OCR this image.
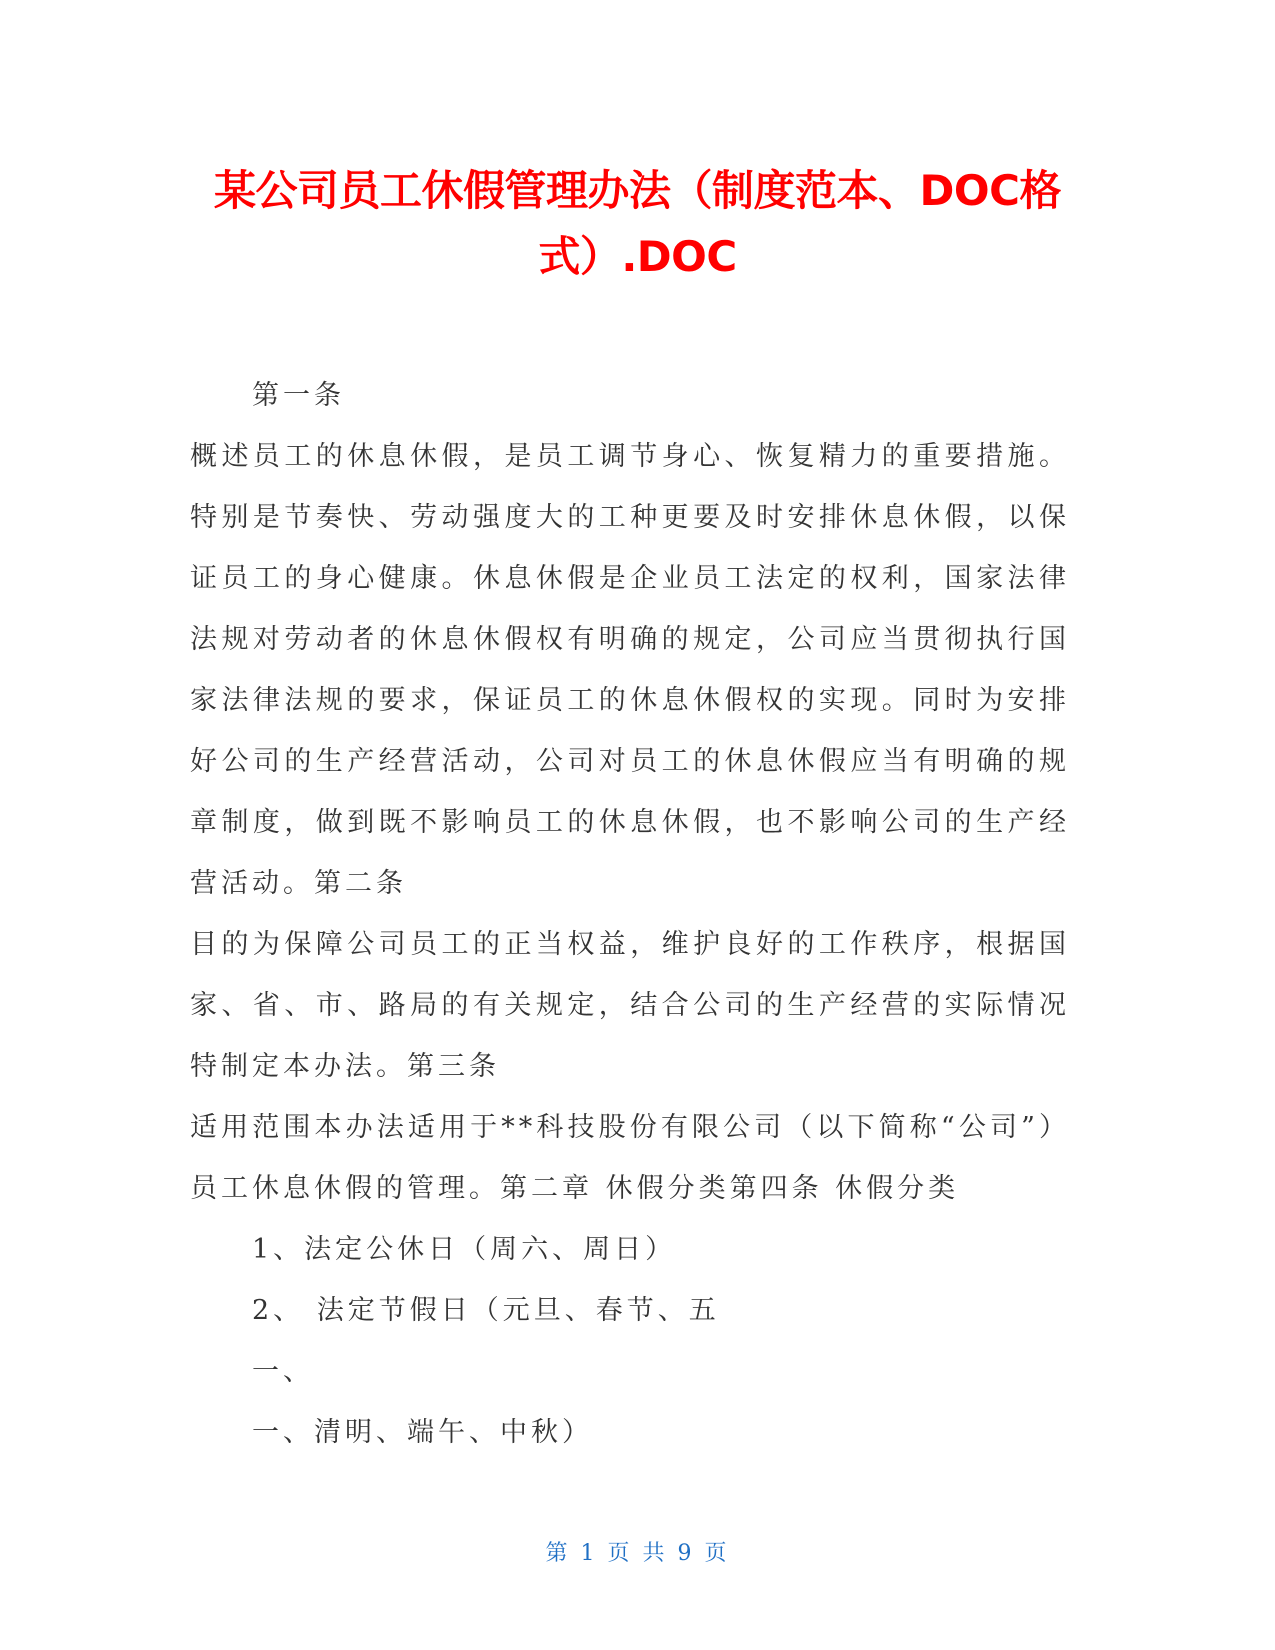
某公司员工休假管理办法（制度范本、DOC格式）.DOC

第一条

概述员工的休息休假，是员工调节身心、恢复精力的重要措施。特别是节奏快、劳动强度大的工种更要及时安排休息休假，以保证员工的身心健康。休息休假是企业员工法定的权利，国家法律法规对劳动者的休息休假权有明确的规定，公司应当贯彻执行国家法律法规的要求，保证员工的休息休假权的实现。同时为安排好公司的生产经营活动，公司对员工的休息休假应当有明确的规章制度，做到既不影响员工的休息休假，也不影响公司的生产经营活动。第二条

目的为保障公司员工的正当权益，维护良好的工作秩序，根据国家、省、市、路局的有关规定，结合公司的生产经营的实际情况特制定本办法。第三条

适用范围本办法适用于**科技股份有限公司（以下简称“公司”）员工休息休假的管理。第二章 休假分类第四条 休假分类

1、法定公休日（周六、周日）

2、 法定节假日（元旦、春节、五

一、

一、清明、端午、中秋）

第 1 页 共 9 页
